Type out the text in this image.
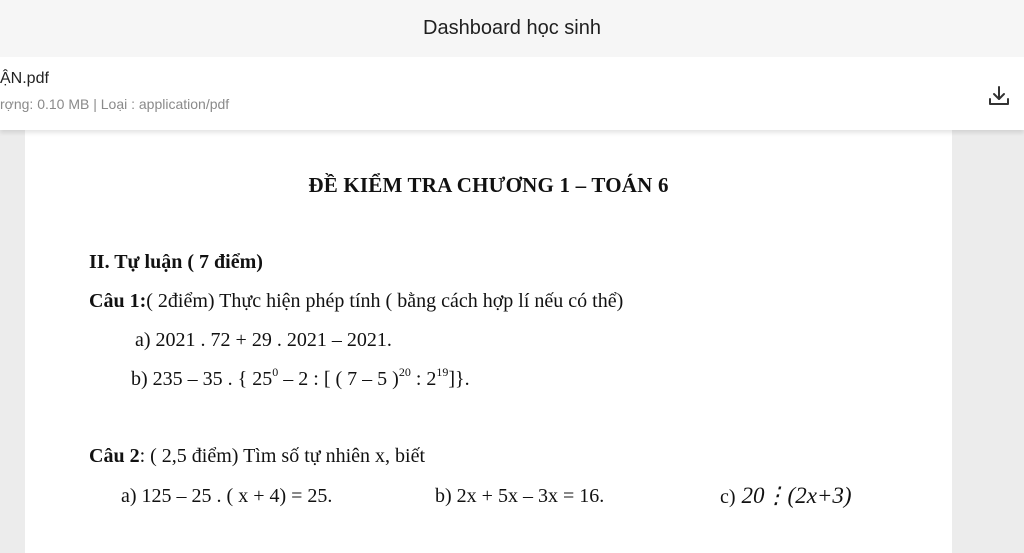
Dashboard học sinh
ẬN.pdf
rợng: 0.10 MB | Loại : application/pdf
ĐỀ KIỂM TRA CHƯƠNG 1 – TOÁN 6
II. Tự luận ( 7 điểm)
Câu 1:( 2điểm) Thực hiện phép tính ( bằng cách hợp lí nếu có thể)
a) 2021 . 72 + 29 . 2021 – 2021.
b) 235 – 35 . { $25^0 - 2$ : [ ( 7 – 5 )$^{20}$ : $2^{19}$]}.
Câu 2: ( 2,5 điểm) Tìm số tự nhiên x, biết
a) 125 – 25 . ( x + 4) = 25.	b) 2x + 5x – 3x = 16.	c) 20⋮(2x+3)
